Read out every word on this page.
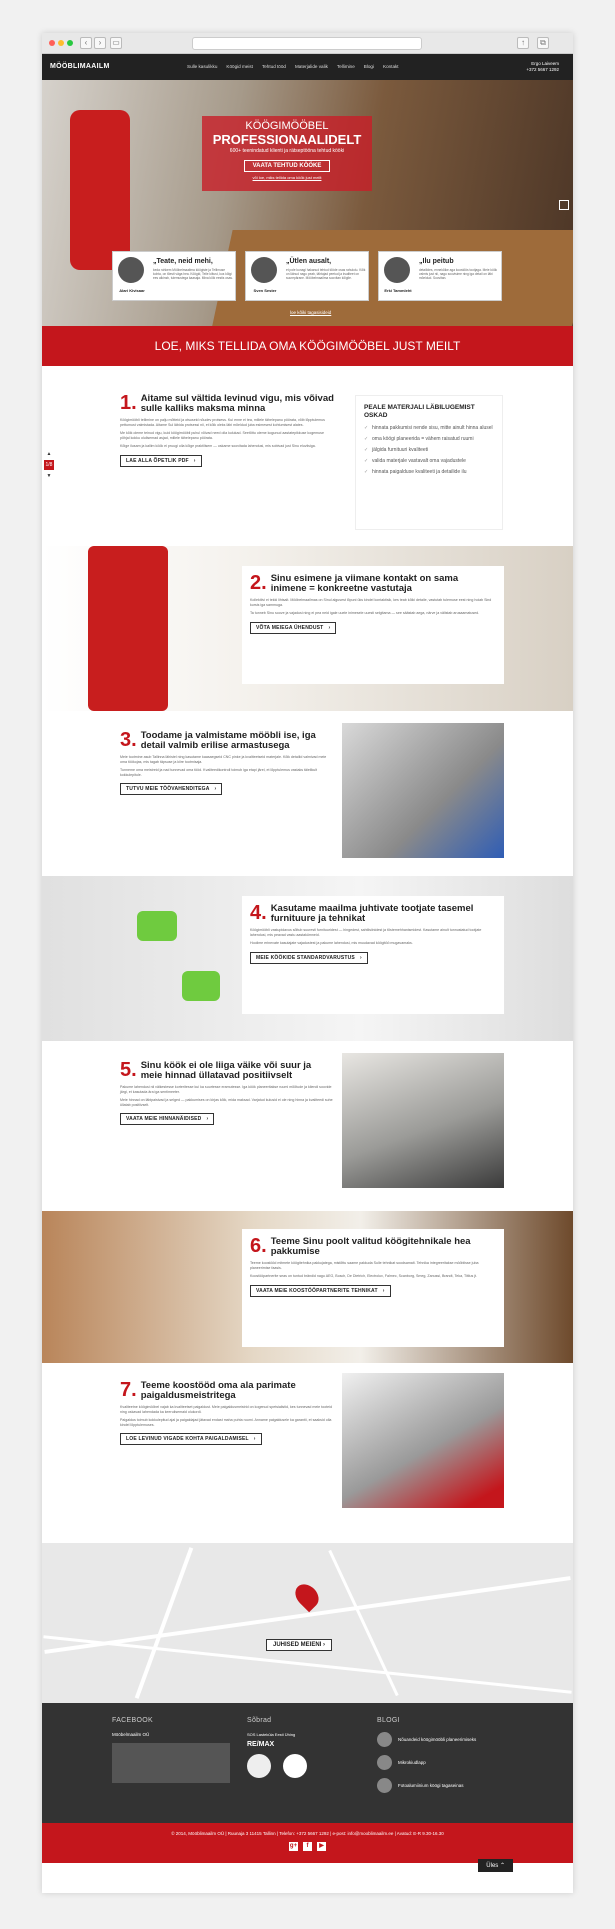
‹	›	▭	↑	⧉
MÖÖBLIMAAILM	Sulle kasulikku Köögid meist Tehtud tööd Materjalide valik Tellimine Blogi Kontakt
Ergo Laiveem
+372 5667 1292
KÖÖGIMÖÖBEL
PROFESSIONAALIDELT
600+ teenindatud klienti ja rätseptööna tehtud kööki
VAATA TEHTUD KÖÖKE
või loe, miks tellida oma köök just meilt
Alari Kivisaar
„Teate, neid mehi,
keda rohkem Mööbelmaailma köögiste ja Tellimuse kohta, on tõesti väga hea. Köögid, Teile kiitust, kus kõigi ees alkinsb, tulemustega kaasaja. Mina kõik eestis osas.
Sven Sester
„Ütlen ausalt,
et pole kunagi hakanud tehtud tööde osas rahulolu. Kõik on läinud nagu peab, tähtajad peetud ja kvaliteet on suurepärane. Mööbelmaailma soovitan kõigile.
Erki Tammleht
„Ilu peitub
detailides, ennekõike aga koostöös tootjaga. Meie köök valmis just nii, nagu soovisime ning iga detail on läbi mõeldud. Soovitan.
loe kõiki tagasisideid
LOE, MIKS TELLIDA OMA KÖÖGIMÖÖBEL JUST MEILT
▲
1/8
▼
1. Aitame sul vältida levinud vigu, mis võivad sulle kalliks maksma minna
Köögimööbli tellimine on palju mõtteid ja otsuseid nõudev protsess. Kui enne ei tea, millele tähelepanu pöörata, võib lõpptulemus pettumust valmistada. Aitame Sul läbida protsessi nii, et kõik oleks läbi mõeldud juba esimesest kohtumisest alates.
Me kõik oleme teinud vigu, kuid köögimööbli puhul võivad need olla kulukad. Seetõttu oleme kogunud aastatepikkuse kogemuse põhjal kokku olulisemad asjad, millele tähelepanu pöörata.
Kõige ilusam ja kallim köök ei pruugi olla kõige praktilisem — oskame soovitada lahendusi, mis sobivad just Sinu eluviisiga.
LAE ALLA ÕPETLIK PDF ›
PEALE MATERJALI LÄBILUGEMIST OSKAD
✓ hinnata pakkumisi nende sisu, mitte ainult hinna alusel
✓ oma köögi planeerida = vähem raisatud ruumi
✓ jälgida furnituuri kvaliteeti
✓ valida materjale vastavalt oma vajadustele
✓ hinnata paigalduse kvaliteeti ja detailide ilu
2. Sinu esimene ja viimane kontakt on sama inimene = konkreetne vastutaja
Kollektiivi ei tekki lihtsalt. Mööbelmaailmas on Sinul algusest lõpuni üks kindel kontaktisik, kes teab kõiki detaile, vastutab tulemuse eest ning hoiab Sind kursis iga sammuga.
Ta tunneb Sinu soove ja vajadusi ning ei pea neid igale uuele inimesele uuesti selgitama — see säästab aega, närve ja välistab arusaamatused.
VÕTA MEIEGA ÜHENDUST ›
3. Toodame ja valmistame mööbli ise, iga detail valmib erilise armastusega
Meie tootmine asub Tallinna lähistel ning kasutame kaasaegseid CNC pinke ja kvaliteetseid materjale. Kõik detailid valmivad meie oma töökojas, mis tagab täpsuse ja kiire tootmisaja.
Tunneme oma meistreid ja nad tunnevad oma tööd. Kvaliteedikontroll toimub iga etapi järel, et lõpptulemus vastaks täielikult kokkulepitule.
TUTVU MEIE TÖÖVAHENDITEGA ›
4. Kasutame maailma juhtivate tootjate tasemel furnituure ja tehnikat
Köögimööbli vastupidavus sõltub suuresti furnituuridest — hingedest, sahtlisiinidest ja tõstemehhanismidest. Kasutame ainult tunnustatud tootjate lahendusi, mis peavad vastu aastakümneid.
Hoolime erinevate kasutajate vajadustest ja pakume lahendusi, mis muudavad köögitöö mugavamaks.
MEIE KÖÖKIDE STANDARDVARUSTUS ›
5. Sinu köök ei ole liiga väike või suur ja meie hinnad üllatavad positiivselt
Pakume lahendusi nii väikestesse korteritesse kui ka suurtesse eramutesse. Iga köök planeeritakse ruumi mõõtude ja kliendi soovide järgi, et kasutada ära iga sentimeeter.
Meie hinnad on läbipaistvad ja selged — pakkumises on kirjas kõik, mida maksad. Varjatud kulusid ei ole ning hinna ja kvaliteedi suhe üllatab positiivselt.
VAATA MEIE HINNANÄIDISED ›
6. Teeme Sinu poolt valitud köögitehnikale hea pakkumise
Teeme koostööd mitmete köögitehnika pakkujatega, mistõttu saame pakkuda Sulle tehnikat soodsamalt. Tehnika integreeritakse mööblisse juba planeerimise faasis.
Koostööpartnerite seas on tuntud brändid nagu AEG, Bosch, De Dietrich, Electrolux, Falmec, Scanborg, Smeg, Zanussi, Brandt, Teka, Tiitlus jt.
VAATA MEIE KOOSTÖÖPARTNERITE TEHNIKAT ›
7. Teeme koostööd oma ala parimate paigaldusmeistritega
Kvaliteetne köögimööbel vajab ka kvaliteetset paigaldust. Meie paigaldusmeistrid on kogenud spetsialistid, kes tunnevad meie tooteid ning oskavad lahendada ka keerulisemaid olukordi.
Paigaldus toimub kokkulepitud ajal ja paigaldajad jätavad endast maha puhta ruumi. Anname paigaldusele ka garantii, et saaksid olla kindel lõpptulemuses.
LOE LEVINUD VIGADE KOHTA PAIGALDAMISEL ›
JUHISED MEIENI ›
FACEBOOK
Mööbelmaailm OÜ
Sõbrad
SOS Lasteküla Eesti Ühing
RE/MAX

BLOGI
Nõuandeid köögimööbli planeerimiseks
Mikrokiudlapp
Fotoalumiinium köögi tagaseinas
© 2014, Mööblimaailm OÜ | Ruunaja 3 11415 Tallinn | Telefon: +372 5667 1292 | e-post: info@mooblimaailm.ee | Avatud: E-R 9.30-16.30
g+	f	▶
Üles ⌃
